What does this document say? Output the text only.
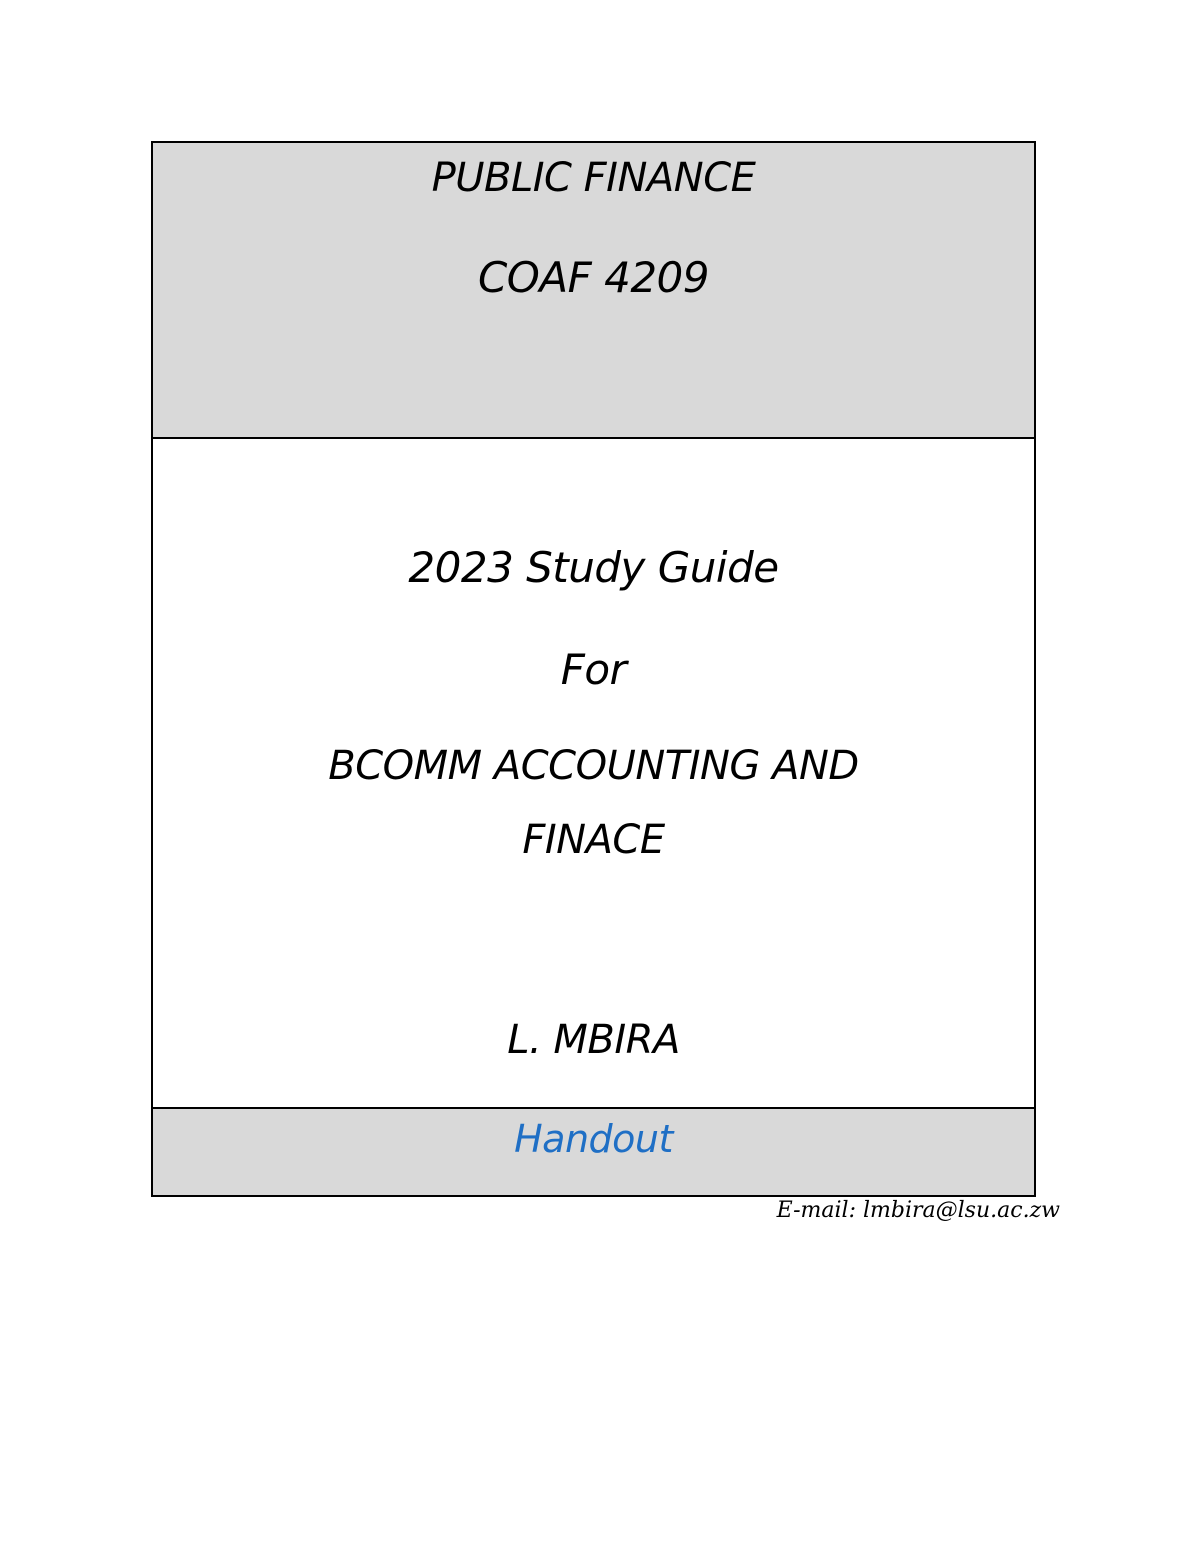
PUBLIC FINANCE
COAF 4209
2023 Study Guide
For
BCOMM ACCOUNTING AND
FINACE
L. MBIRA
Handout
E-mail: lmbira@lsu.ac.zw
